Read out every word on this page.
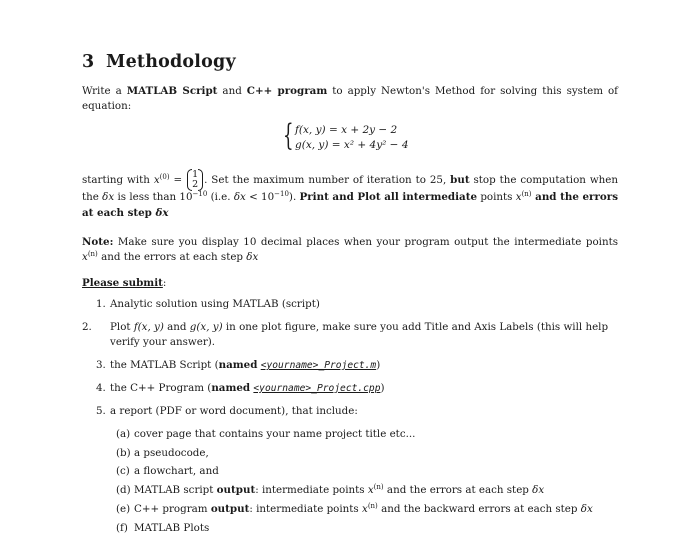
3 Methodology
Write a MATLAB Script and C++ program to apply Newton's Method for solving this system of equation:
{ f(x, y) = x + 2y − 2
g(x, y) = x² + 4y² − 4
starting with $x^{(0)} = 1$
2 . Set the maximum number of iteration to 25, but stop the computation when the δx is less than $10^{-10}$ (i.e. $\delta x < 10^{-10}$). Print and Plot all intermediate points $x^{(n)}$ and the errors at each step δx
Note: Make sure you display 10 decimal places when your program output the intermediate points $x^{(n)}$ and the errors at each step δx
Please submit:
1. Analytic solution using MATLAB (script)
2. Plot f(x, y) and g(x, y) in one plot figure, make sure you add Title and Axis Labels (this will help verify your answer).
3. the MATLAB Script (named <yourname>_Project.m)
4. the C++ Program (named <yourname>_Project.cpp)
5. a report (PDF or word document), that include:
(a) cover page that contains your name project title etc...
(b) a pseudocode,
(c) a flowchart, and
(d) MATLAB script output: intermediate points $x^{(n)}$ and the errors at each step δx
(e) C++ program output: intermediate points $x^{(n)}$ and the backward errors at each step δx
(f) MATLAB Plots
